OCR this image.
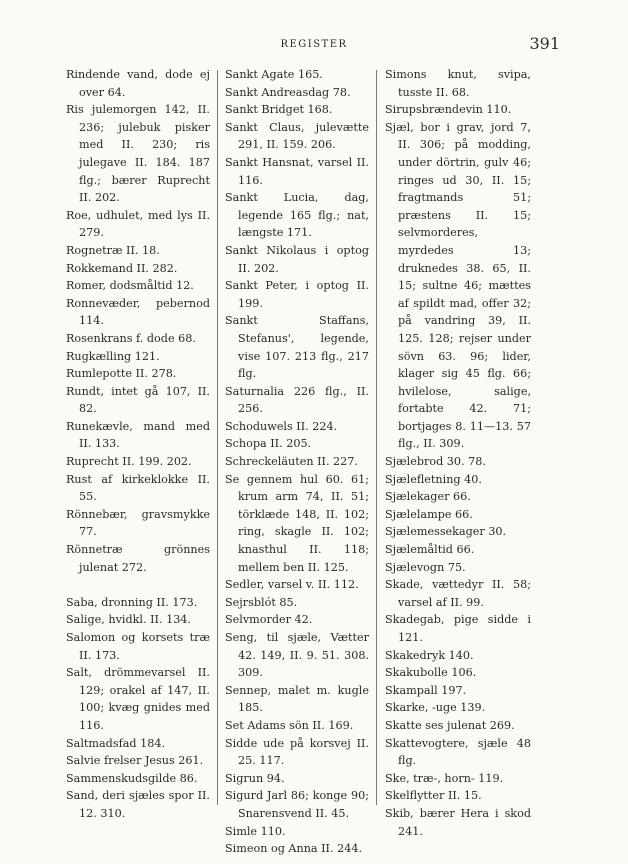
REGISTER	391

Rindende vand, dode ej over 64.

Ris julemorgen 142, II. 236; julebuk pisker med II. 230; ris julegave II. 184. 187 flg.; bærer Ruprecht II. 202.

Roe, udhulet, med lys II. 279.

Rognetræ II. 18.

Rokkemand II. 282.

Romer, dodsmåltid 12.

Ronnevæder, pebernod 114.

Rosenkrans f. dode 68.

Rugkælling 121.

Rumlepotte II. 278.

Rundt, intet gå 107, II. 82.

Runekævle, mand med II. 133.

Ruprecht II. 199. 202.

Rust af kirkeklokke II. 55.

Rönnebær, gravsmykke 77.

Rönnetræ grönnes julenat 272.

Saba, dronning II. 173.

Salige, hvidkl. II. 134.

Salomon og korsets træ II. 173.

Salt, drömmevarsel II. 129; orakel af 147, II. 100; kvæg gnides med 116.

Saltmadsfad 184.

Salvie frelser Jesus 261.

Sammenskudsgilde 86.

Sand, deri sjæles spor II. 12. 310.

Sankt Agate 165.

Sankt Andreasdag 78.

Sankt Bridget 168.

Sankt Claus, julevætte 291, II. 159. 206.

Sankt Hansnat, varsel II. 116.

Sankt Lucia, dag, legende 165 flg.; nat, længste 171.

Sankt Nikolaus i optog II. 202.

Sankt Peter, i optog II. 199.

Sankt Staffans, Stefanus', legende, vise 107. 213 flg., 217 flg.

Saturnalia 226 flg., II. 256.

Schoduwels II. 224.

Schopa II. 205.

Schreckeläuten II. 227.

Se gennem hul 60. 61; krum arm 74, II. 51; törklæde 148, II. 102; ring, skagle II. 102; knasthul II. 118; mellem ben II. 125.

Sedler, varsel v. II. 112.

Sejrsblót 85.

Selvmorder 42.

Seng, til sjæle, Vætter 42. 149, II. 9. 51. 308. 309.

Sennep, malet m. kugle 185.

Set Adams sön II. 169.

Sidde ude på korsvej II. 25. 117.

Sigrun 94.

Sigurd Jarl 86; konge 90; Snarensvend II. 45.

Simle 110.

Simeon og Anna II. 244.

Simons knut, svipa, tusste II. 68.

Sirupsbrændevin 110.

Sjæl, bor i grav, jord 7, II. 306; på modding, under dörtrin, gulv 46; ringes ud 30, II. 15; fragtmands 51; præstens II. 15; selvmorderes, myrdedes 13; druknedes 38. 65, II. 15; sultne 46; mættes af spildt mad, offer 32; på vandring 39, II. 125. 128; rejser under sövn 63. 96; lider, klager sig 45 flg. 66; hvilelose, salige, fortabte 42. 71; bortjages 8. 11—13. 57 flg., II. 309.

Sjælebrod 30. 78.

Sjælefletning 40.

Sjælekager 66.

Sjælelampe 66.

Sjælemessekager 30.

Sjælemåltid 66.

Sjælevogn 75.

Skade, vættedyr II. 58; varsel af II. 99.

Skadegab, pige sidde i 121.

Skakedryk 140.

Skakubolle 106.

Skampall 197.

Skarke, -uge 139.

Skatte ses julenat 269.

Skattevogtere, sjæle 48 flg.

Ske, træ-, horn- 119.

Skelflytter II. 15.

Skib, bærer Hera i skod 241.
